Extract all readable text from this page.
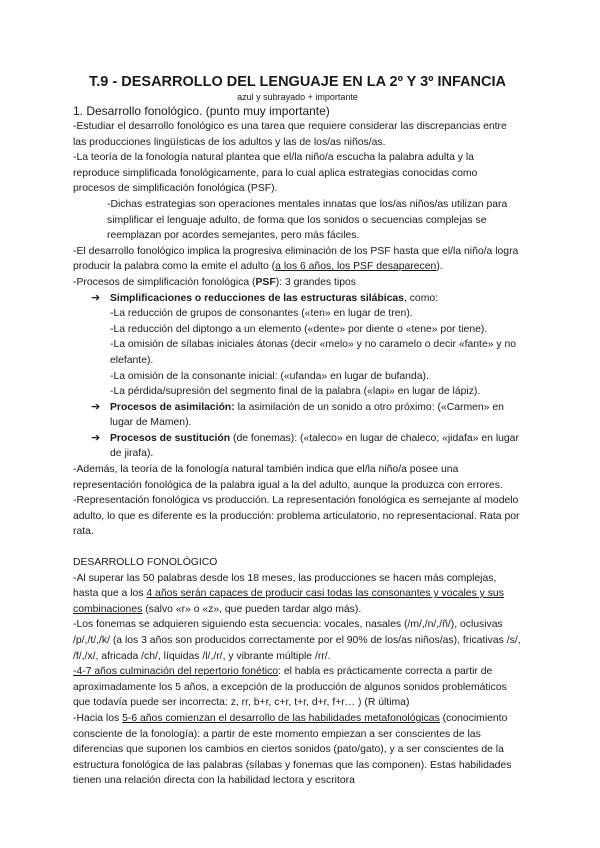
T.9 - DESARROLLO DEL LENGUAJE EN LA 2º Y 3º INFANCIA
azul y subrayado + importante
1. Desarrollo fonológico. (punto muy importante)

-Estudiar el desarrollo fonológico es una tarea que requiere considerar las discrepancias entre las producciones lingüísticas de los adultos y las de los/as niños/as.

-La teoría de la fonología natural plantea que el/la niño/a escucha la palabra adulta y la reproduce simplificada fonológicamente, para lo cual aplica estrategias conocidas como procesos de simplificación fonológica (PSF).

-Dichas estrategias son operaciones mentales innatas que los/as niños/as utilizan para simplificar el lenguaje adulto, de forma que los sonidos o secuencias complejas se reemplazan por acordes semejantes, pero más fáciles.

-El desarrollo fonológico implica la progresiva eliminación de los PSF hasta que el/la niño/a logra producir la palabra como la emite el adulto (a los 6 años, los PSF desaparecen).

-Procesos de simplificación fonológica (PSF): 3 grandes tipos

➔ Simplificaciones o reducciones de las estructuras silábicas, como:

-La reducción de grupos de consonantes («ten» en lugar de tren).

-La reducción del diptongo a un elemento («dente» por diente o «tene» por tiene).

-La omisión de sílabas iniciales átonas (decir «melo» y no caramelo o decir «fante» y no elefante).

-La omisión de la consonante inicial: («ufanda» en lugar de bufanda).

-La pérdida/supresión del segmento final de la palabra («lapi» en lugar de lápiz).

➔ Procesos de asimilación: la asimilación de un sonido a otro próximo: («Carmen» en lugar de Mamen).

➔ Procesos de sustitución (de fonemas): («taleco» en lugar de chaleco; «jidafa» en lugar de jirafa).

-Además, la teoría de la fonología natural también indica que el/la niño/a posee una representación fonológica de la palabra igual a la del adulto, aunque la produzca con errores.

-Representación fonológica vs producción. La representación fonológica es semejante al modelo adulto, lo que es diferente es la producción: problema articulatorio, no representacional. Rata por rata.

DESARROLLO FONOLÓGICO

-Al superar las 50 palabras desde los 18 meses, las producciones se hacen más complejas, hasta que a los 4 años serán capaces de producir casi todas las consonantes y vocales y sus combinaciones (salvo «r» o «z», que pueden tardar algo más).

-Los fonemas se adquieren siguiendo esta secuencia: vocales, nasales (/m/,/n/,/ñ/), oclusivas /p/,/t/,/k/ (a los 3 años son producidos correctamente por el 90% de los/as niños/as), fricativas /s/, /f/,/x/, africada /ch/, líquidas /l/,/r/, y vibrante múltiple /rr/.

-4-7 años culminación del repertorio fonético: el habla es prácticamente correcta a partir de aproximadamente los 5 años, a excepción de la producción de algunos sonidos problemáticos que todavía puede ser incorrecta: z, rr, b+r, c+r, t+r, d+r, f+r… ) (R última)

-Hacia los 5-6 años comienzan el desarrollo de las habilidades metafonológicas (conocimiento consciente de la fonología): a partir de este momento empiezan a ser conscientes de las diferencias que suponen los cambios en ciertos sonidos (pato/gato), y a ser conscientes de la estructura fonológica de las palabras (sílabas y fonemas que las componen). Estas habilidades tienen una relación directa con la habilidad lectora y escritora
